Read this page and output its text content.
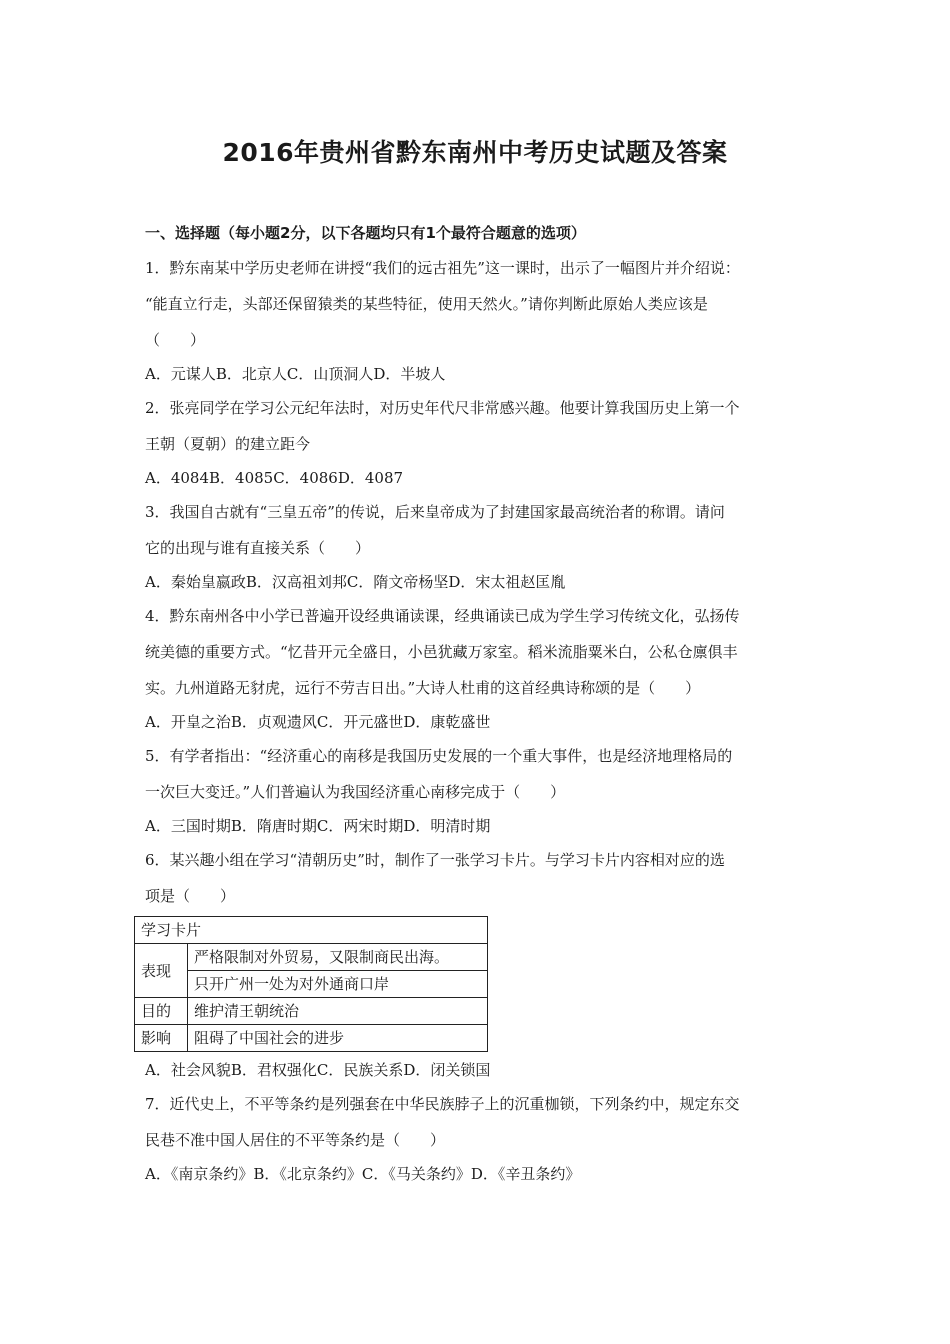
2016年贵州省黔东南州中考历史试题及答案
一、选择题（每小题2分，以下各题均只有1个最符合题意的选项）
1．黔东南某中学历史老师在讲授“我们的远古祖先”这一课时，出示了一幅图片并介绍说：
“能直立行走，头部还保留猿类的某些特征，使用天然火。”请你判断此原始人类应该是
（　　）
A．元谋人B．北京人C．山顶洞人D．半坡人
2．张亮同学在学习公元纪年法时，对历史年代尺非常感兴趣。他要计算我国历史上第一个
王朝（夏朝）的建立距今
A．4084B．4085C．4086D．4087
3．我国自古就有“三皇五帝”的传说，后来皇帝成为了封建国家最高统治者的称谓。请问
它的出现与谁有直接关系（　　）
A．秦始皇嬴政B．汉高祖刘邦C．隋文帝杨坚D．宋太祖赵匡胤
4．黔东南州各中小学已普遍开设经典诵读课，经典诵读已成为学生学习传统文化，弘扬传
统美德的重要方式。“忆昔开元全盛日，小邑犹藏万家室。稻米流脂粟米白，公私仓廪俱丰
实。九州道路无豺虎，远行不劳吉日出。”大诗人杜甫的这首经典诗称颂的是（　　）
A．开皇之治B．贞观遗风C．开元盛世D．康乾盛世
5．有学者指出：“经济重心的南移是我国历史发展的一个重大事件，也是经济地理格局的
一次巨大变迁。”人们普遍认为我国经济重心南移完成于（　　）
A．三国时期B．隋唐时期C．两宋时期D．明清时期
6．某兴趣小组在学习“清朝历史”时，制作了一张学习卡片。与学习卡片内容相对应的选
项是（　　）
学习卡片	
表现	严格限制对外贸易，又限制商民出海。
	只开广州一处为对外通商口岸
目的	维护清王朝统治
影响	阻碍了中国社会的进步
A．社会风貌B．君权强化C．民族关系D．闭关锁国
7．近代史上，不平等条约是列强套在中华民族脖子上的沉重枷锁，下列条约中，规定东交
民巷不准中国人居住的不平等条约是（　　）
A．《南京条约》B．《北京条约》C．《马关条约》D．《辛丑条约》
